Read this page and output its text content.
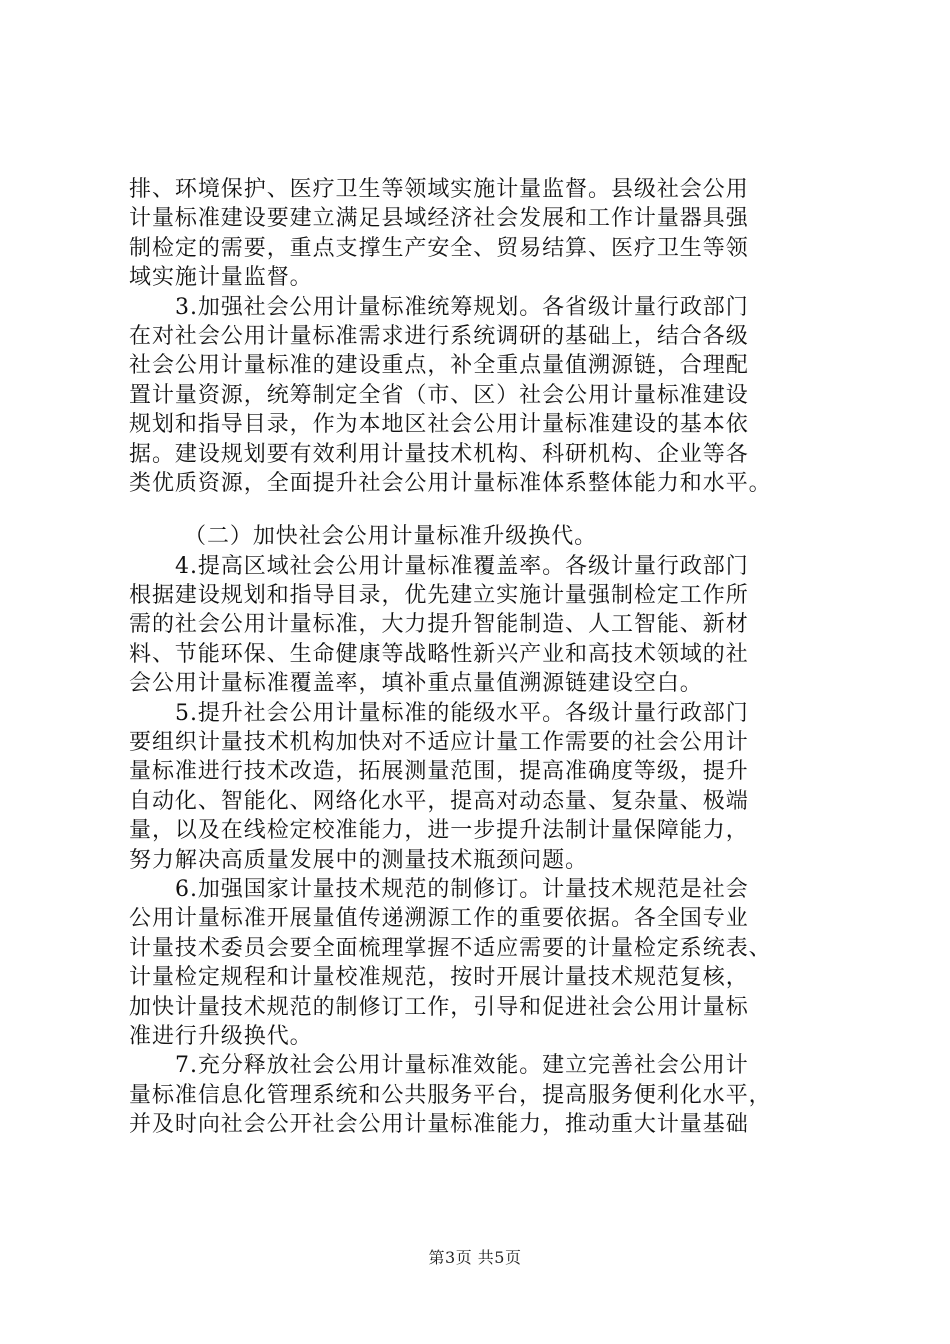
排、环境保护、医疗卫生等领域实施计量监督。县级社会公用
计量标准建设要建立满足县域经济社会发展和工作计量器具强
制检定的需要，重点支撑生产安全、贸易结算、医疗卫生等领
域实施计量监督。
3.加强社会公用计量标准统筹规划。各省级计量行政部门
在对社会公用计量标准需求进行系统调研的基础上，结合各级
社会公用计量标准的建设重点，补全重点量值溯源链，合理配
置计量资源，统筹制定全省（市、区）社会公用计量标准建设
规划和指导目录，作为本地区社会公用计量标准建设的基本依
据。建设规划要有效利用计量技术机构、科研机构、企业等各
类优质资源，全面提升社会公用计量标准体系整体能力和水平。
（二）加快社会公用计量标准升级换代。
4.提高区域社会公用计量标准覆盖率。各级计量行政部门
根据建设规划和指导目录，优先建立实施计量强制检定工作所
需的社会公用计量标准，大力提升智能制造、人工智能、新材
料、节能环保、生命健康等战略性新兴产业和高技术领域的社
会公用计量标准覆盖率，填补重点量值溯源链建设空白。
5.提升社会公用计量标准的能级水平。各级计量行政部门
要组织计量技术机构加快对不适应计量工作需要的社会公用计
量标准进行技术改造，拓展测量范围，提高准确度等级，提升
自动化、智能化、网络化水平，提高对动态量、复杂量、极端
量，以及在线检定校准能力，进一步提升法制计量保障能力，
努力解决高质量发展中的测量技术瓶颈问题。
6.加强国家计量技术规范的制修订。计量技术规范是社会
公用计量标准开展量值传递溯源工作的重要依据。各全国专业
计量技术委员会要全面梳理掌握不适应需要的计量检定系统表、
计量检定规程和计量校准规范，按时开展计量技术规范复核，
加快计量技术规范的制修订工作，引导和促进社会公用计量标
准进行升级换代。
7.充分释放社会公用计量标准效能。建立完善社会公用计
量标准信息化管理系统和公共服务平台，提高服务便利化水平，
并及时向社会公开社会公用计量标准能力，推动重大计量基础
第3页 共5页
